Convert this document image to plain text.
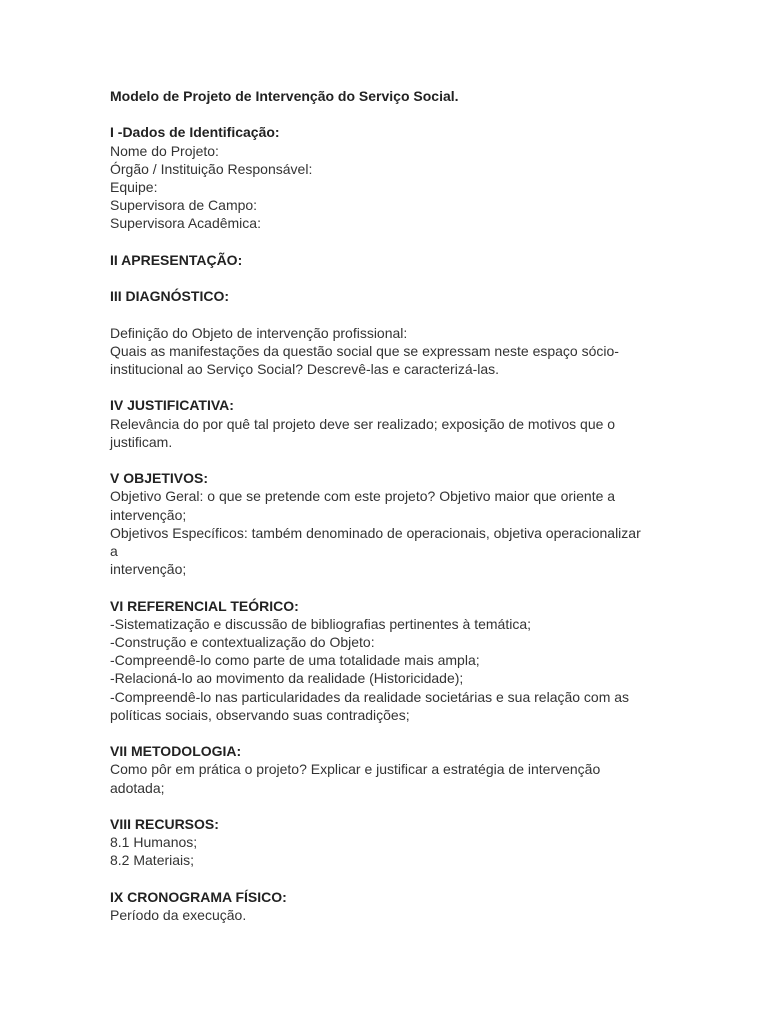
Modelo de Projeto de Intervenção do Serviço Social.
I -Dados de Identificação:
Nome do Projeto:
Órgão / Instituição Responsável:
Equipe:
Supervisora de Campo:
Supervisora Acadêmica:
II APRESENTAÇÃO:
III DIAGNÓSTICO:
Definição do Objeto de intervenção profissional:
Quais as manifestações da questão social que se expressam neste espaço sócio-
institucional ao Serviço Social? Descrevê-las e caracterizá-las.
IV JUSTIFICATIVA:
Relevância do por quê tal projeto deve ser realizado; exposição de motivos que o
justificam.
V OBJETIVOS:
Objetivo Geral: o que se pretende com este projeto? Objetivo maior que oriente a
intervenção;
Objetivos Específicos: também denominado de operacionais, objetiva operacionalizar
a
intervenção;
VI REFERENCIAL TEÓRICO:
-Sistematização e discussão de bibliografias pertinentes à temática;
-Construção e contextualização do Objeto:
-Compreendê-lo como parte de uma totalidade mais ampla;
-Relacioná-lo ao movimento da realidade (Historicidade);
-Compreendê-lo nas particularidades da realidade societárias e sua relação com as
políticas sociais, observando suas contradições;
VII METODOLOGIA:
Como pôr em prática o projeto? Explicar e justificar a estratégia de intervenção
adotada;
VIII RECURSOS:
8.1 Humanos;
8.2 Materiais;
IX CRONOGRAMA FÍSICO:
Período da execução.
